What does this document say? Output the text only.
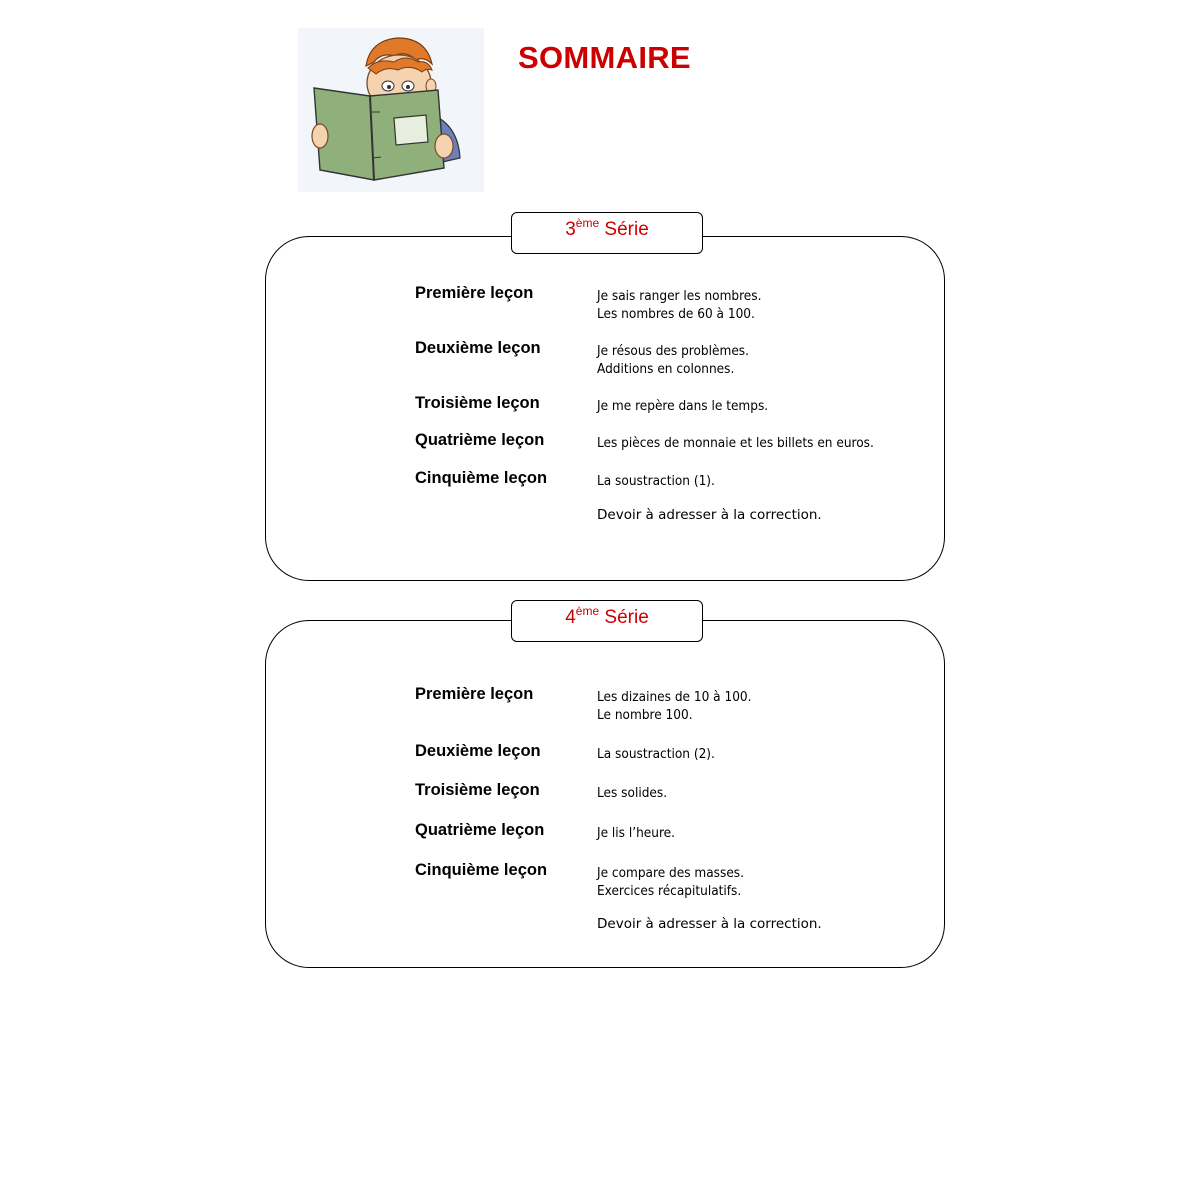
SOMMAIRE
3ème Série
Première leçon	Je sais ranger les nombres.
Les nombres de 60 à 100.
Deuxième leçon	Je résous des problèmes.
Additions en colonnes.
Troisième leçon	Je me repère dans le temps.
Quatrième leçon	Les pièces de monnaie et les billets en euros.
Cinquième leçon	La soustraction (1).
Devoir à adresser à la correction.
4ème Série
Première leçon	Les dizaines de 10 à 100.
Le nombre 100.
Deuxième leçon	La soustraction (2).
Troisième leçon	Les solides.
Quatrième leçon	Je lis l’heure.
Cinquième leçon	Je compare des masses.
Exercices récapitulatifs.
Devoir à adresser à la correction.
